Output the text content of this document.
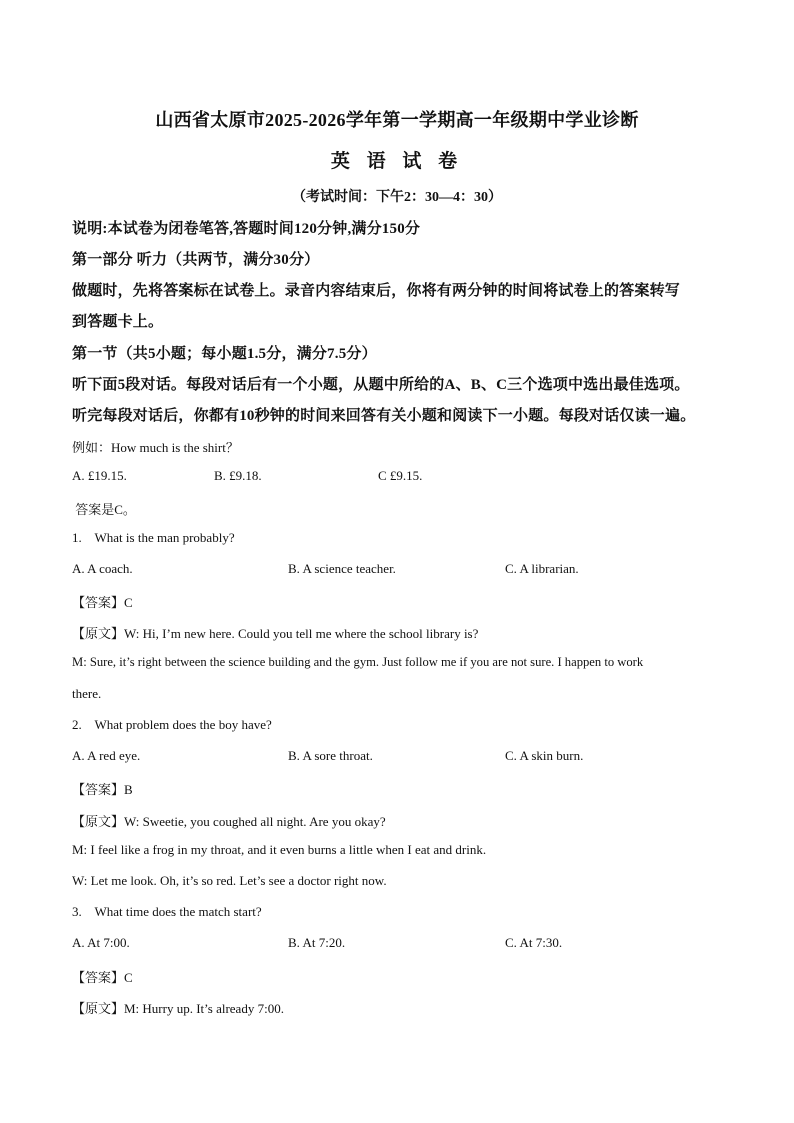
山西省太原市2025-2026学年第一学期高一年级期中学业诊断
英 语 试 卷
（考试时间：下午2：30—4：30）
说明:本试卷为闭卷笔答,答题时间120分钟,满分150分
第一部分 听力（共两节，满分30分）
做题时，先将答案标在试卷上。录音内容结束后，你将有两分钟的时间将试卷上的答案转写
到答题卡上。
第一节（共5小题；每小题1.5分，满分7.5分）
听下面5段对话。每段对话后有一个小题，从题中所给的A、B、C三个选项中选出最佳选项。
听完每段对话后，你都有10秒钟的时间来回答有关小题和阅读下一小题。每段对话仅读一遍。
例如：How much is the shirt？
A. £19.15.	B. £9.18.	C £9.15.
答案是C。
1.    What is the man probably?
A. A coach.	B. A science teacher.	C. A librarian.
【答案】C
【原文】W: Hi, I’m new here. Could you tell me where the school library is?
M: Sure, it’s right between the science building and the gym. Just follow me if you are not sure. I happen to work
there.
2.    What problem does the boy have?
A. A red eye.	B. A sore throat.	C. A skin burn.
【答案】B
【原文】W: Sweetie, you coughed all night. Are you okay?
M: I feel like a frog in my throat, and it even burns a little when I eat and drink.
W: Let me look. Oh, it’s so red. Let’s see a doctor right now.
3.    What time does the match start?
A. At 7:00.	B. At 7:20.	C. At 7:30.
【答案】C
【原文】M: Hurry up. It’s already 7:00.
